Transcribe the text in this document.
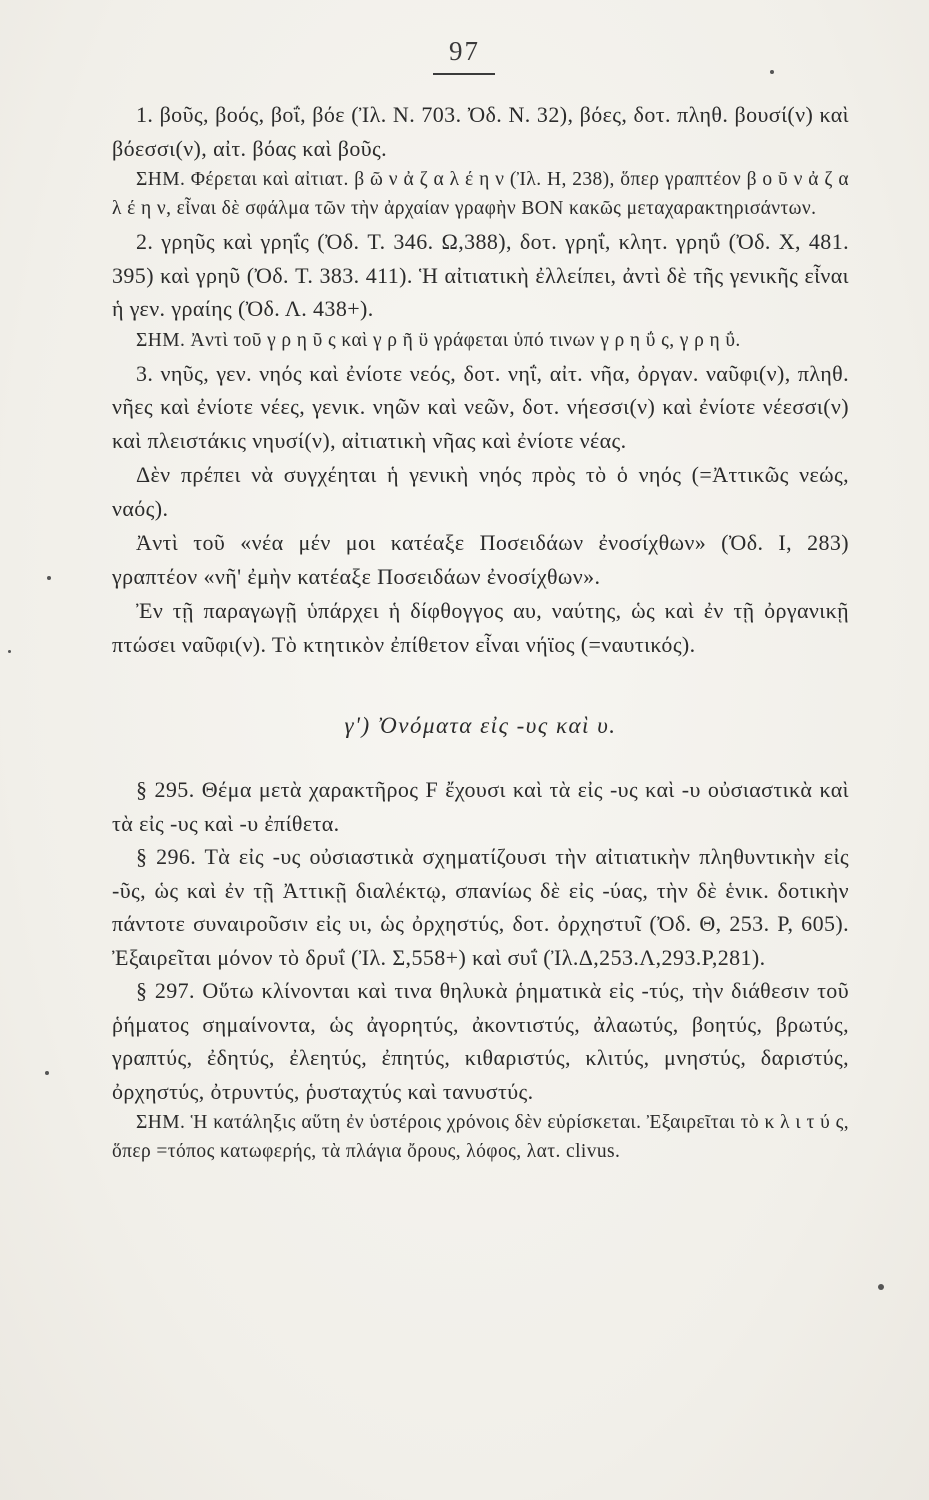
97

1. βοῦς, βοός, βοΐ, βόε (Ἰλ. N. 703. Ὀδ. N. 32), βόες, δοτ. πληθ. βουσί(ν) καὶ βόεσσι(ν), αἰτ. βόας καὶ βοῦς.

ΣΗΜ. Φέρεται καὶ αἰτιατ. β ῶ ν ἀ ζ α λ έ η ν (Ἰλ. H, 238), ὅπερ γραπτέον β ο ῦ ν ἀ ζ α λ έ η ν, εἶναι δὲ σφάλμα τῶν τὴν ἀρχαίαν γραφὴν BOΝ κακῶς μεταχαρακτηρισάντων.

2. γρηῦς καὶ γρηΐς (Ὀδ. T. 346. Ω,388), δοτ. γρηΐ, κλητ. γρηΰ (Ὀδ. X, 481. 395) καὶ γρηῦ (Ὀδ. T. 383. 411). Ἡ αἰτιατικὴ ἐλλείπει, ἀντὶ δὲ τῆς γενικῆς εἶναι ἡ γεν. γραίης (Ὀδ. Λ. 438+).

ΣΗΜ. Ἀντὶ τοῦ γ ρ η ῦ ς καὶ γ ρ ῆ ϋ γράφεται ὑπό τινων γ ρ η ΰ ς, γ ρ η ΰ.

3. νηῦς, γεν. νηός καὶ ἐνίοτε νεός, δοτ. νηΐ, αἰτ. νῆα, ὀργαν. ναῦφι(ν), πληθ. νῆες καὶ ἐνίοτε νέες, γενικ. νηῶν καὶ νεῶν, δοτ. νήεσσι(ν) καὶ ἐνίοτε νέεσσι(ν) καὶ πλειστάκις νηυσί(ν), αἰτιατικὴ νῆας καὶ ἐνίοτε νέας.

Δὲν πρέπει νὰ συγχέηται ἡ γενικὴ νηός πρὸς τὸ ὁ νηός (=Ἀττικῶς νεώς, ναός).

Ἀντὶ τοῦ «νέα μέν μοι κατέαξε Ποσειδάων ἐνοσίχθων» (Ὀδ. I, 283) γραπτέον «νῆ' ἐμὴν κατέαξε Ποσειδάων ἐνοσίχθων».

Ἐν τῇ παραγωγῇ ὑπάρχει ἡ δίφθογγος αυ, ναύτης, ὡς καὶ ἐν τῇ ὀργανικῇ πτώσει ναῦφι(ν). Τὸ κτητικὸν ἐπίθετον εἶναι νήϊος (=ναυτικός).

γ') Ὀνόματα εἰς -υς καὶ υ.

§ 295. Θέμα μετὰ χαρακτῆρος F ἔχουσι καὶ τὰ εἰς -υς καὶ -υ οὐσιαστικὰ καὶ τὰ εἰς -υς καὶ -υ ἐπίθετα.

§ 296. Τὰ εἰς -υς οὐσιαστικὰ σχηματίζουσι τὴν αἰτιατικὴν πληθυντικὴν εἰς -ῦς, ὡς καὶ ἐν τῇ Ἀττικῇ διαλέκτῳ, σπανίως δὲ εἰς -ύας, τὴν δὲ ἑνικ. δοτικὴν πάντοτε συναιροῦσιν εἰς υι, ὡς ὀρχηστύς, δοτ. ὀρχηστυῖ (Ὀδ. Θ, 253. P, 605). Ἐξαιρεῖται μόνον τὸ δρυΐ (Ἰλ. Σ,558+) καὶ συΐ (Ἰλ.Δ,253.Λ,293.P,281).

§ 297. Οὕτω κλίνονται καὶ τινα θηλυκὰ ῥηματικὰ εἰς -τύς, τὴν διάθεσιν τοῦ ῥήματος σημαίνοντα, ὡς ἀγορητύς, ἀκοντιστύς, ἀλαωτύς, βοητύς, βρωτύς, γραπτύς, ἐδητύς, ἐλεητύς, ἐπητύς, κιθαριστύς, κλιτύς, μνηστύς, δαριστύς, ὀρχηστύς, ὀτρυντύς, ῥυσταχτύς καὶ τανυστύς.

ΣΗΜ. Ἡ κατάληξις αὕτη ἐν ὑστέροις χρόνοις δὲν εὑρίσκεται. Ἐξαιρεῖται τὸ κ λ ι τ ύ ς, ὅπερ =τόπος κατωφερής, τὰ πλάγια ὄρους, λόφος, λατ. clivus.
